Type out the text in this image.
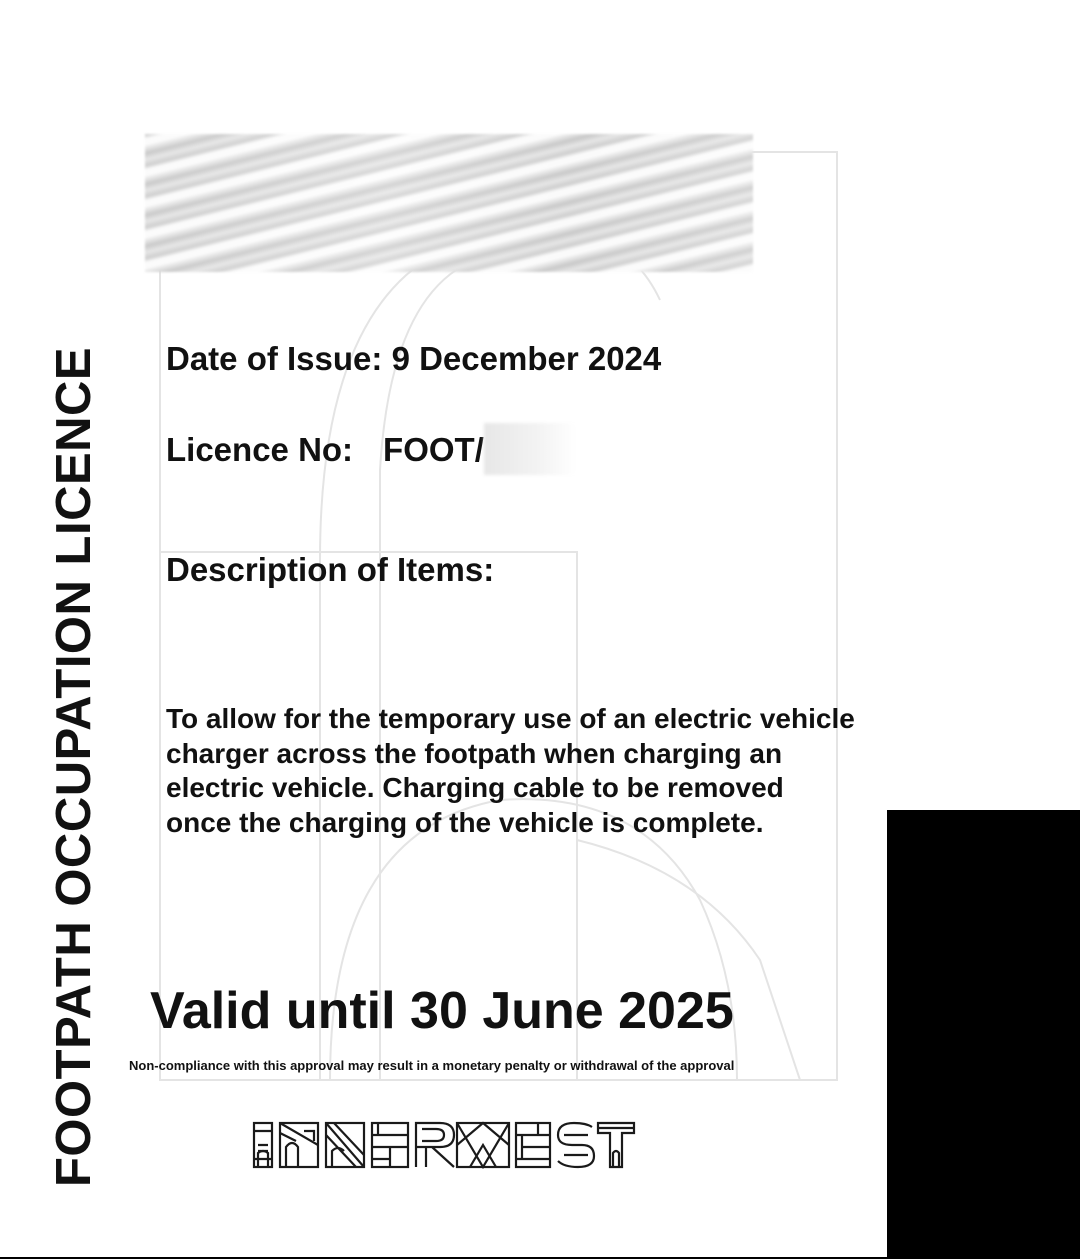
FOOTPATH OCCUPATION LICENCE Date of Issue: 9 December 2024
Licence No: FOOT/
Description of Items:
To allow for the temporary use of an electric vehicle charger across the footpath when charging an electric vehicle. Charging cable to be removed once the charging of the vehicle is complete.
Valid until 30 June 2025
Non-compliance with this approval may result in a monetary penalty or withdrawal of the approval
